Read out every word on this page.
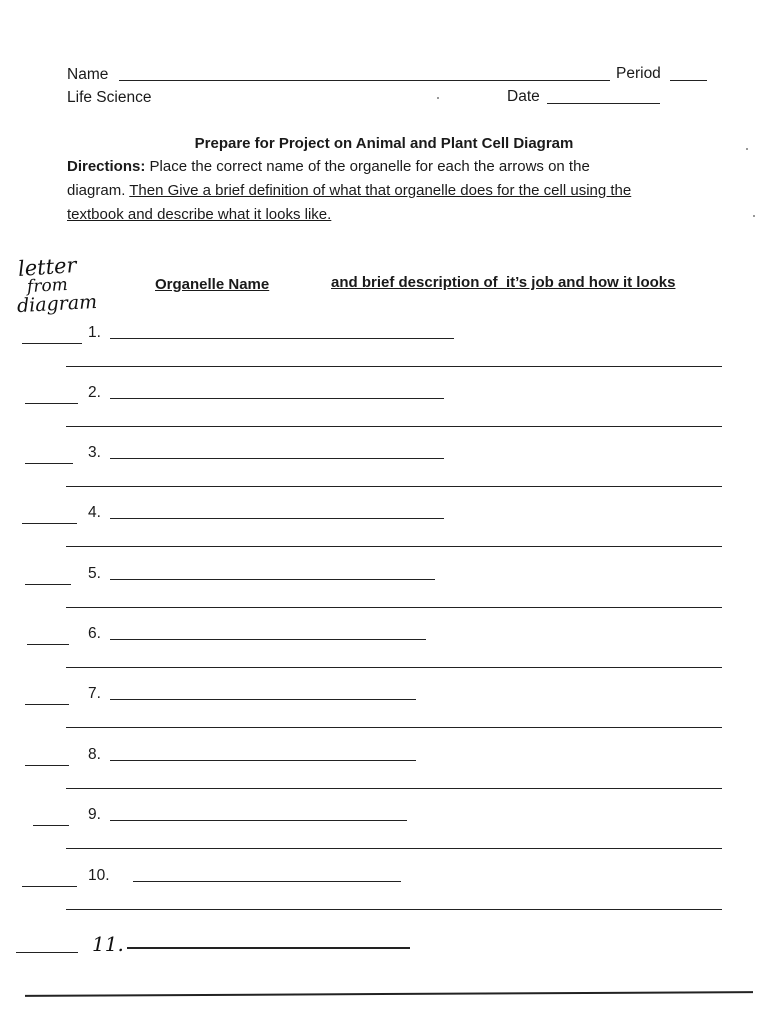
Name	Period
Life Science	Date
Prepare for Project on Animal and Plant Cell Diagram
Directions: Place the correct name of the organelle for each the arrows on the
diagram. Then Give a brief definition of what that organelle does for the cell using the
textbook and describe what it looks like.
letter
from
diagram
Organelle Name	and brief description of  it’s job and how it looks
1.
2.
3.
4.
5.
6.
7.
8.
9.
10.
11.
